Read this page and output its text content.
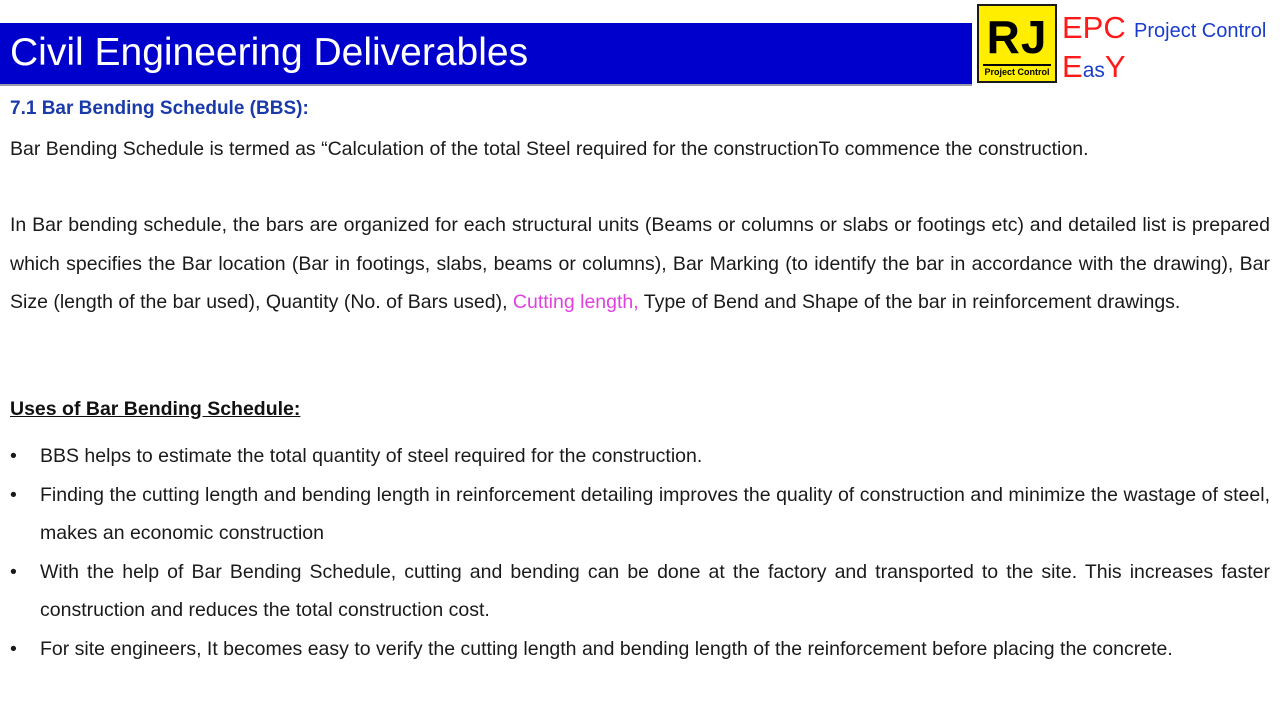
Civil Engineering Deliverables	RJ
Project Control
EPC Project Control
EasY
7.1 Bar Bending Schedule (BBS):
Bar Bending Schedule is termed as “Calculation of the total Steel required for the constructionTo commence the construction.
In Bar bending schedule, the bars are organized for each structural units (Beams or columns or slabs or footings etc) and detailed list is prepared which specifies the Bar location (Bar in footings, slabs, beams or columns), Bar Marking (to identify the bar in accordance with the drawing), Bar Size (length of the bar used), Quantity (No. of Bars used), Cutting length, Type of Bend and Shape of the bar in reinforcement drawings.
Uses of Bar Bending Schedule:
• BBS helps to estimate the total quantity of steel required for the construction.
• Finding the cutting length and bending length in reinforcement detailing improves the quality of construction and minimize the wastage of steel, makes an economic construction
• With the help of Bar Bending Schedule, cutting and bending can be done at the factory and transported to the site. This increases faster construction and reduces the total construction cost.
• For site engineers, It becomes easy to verify the cutting length and bending length of the reinforcement before placing the concrete.
